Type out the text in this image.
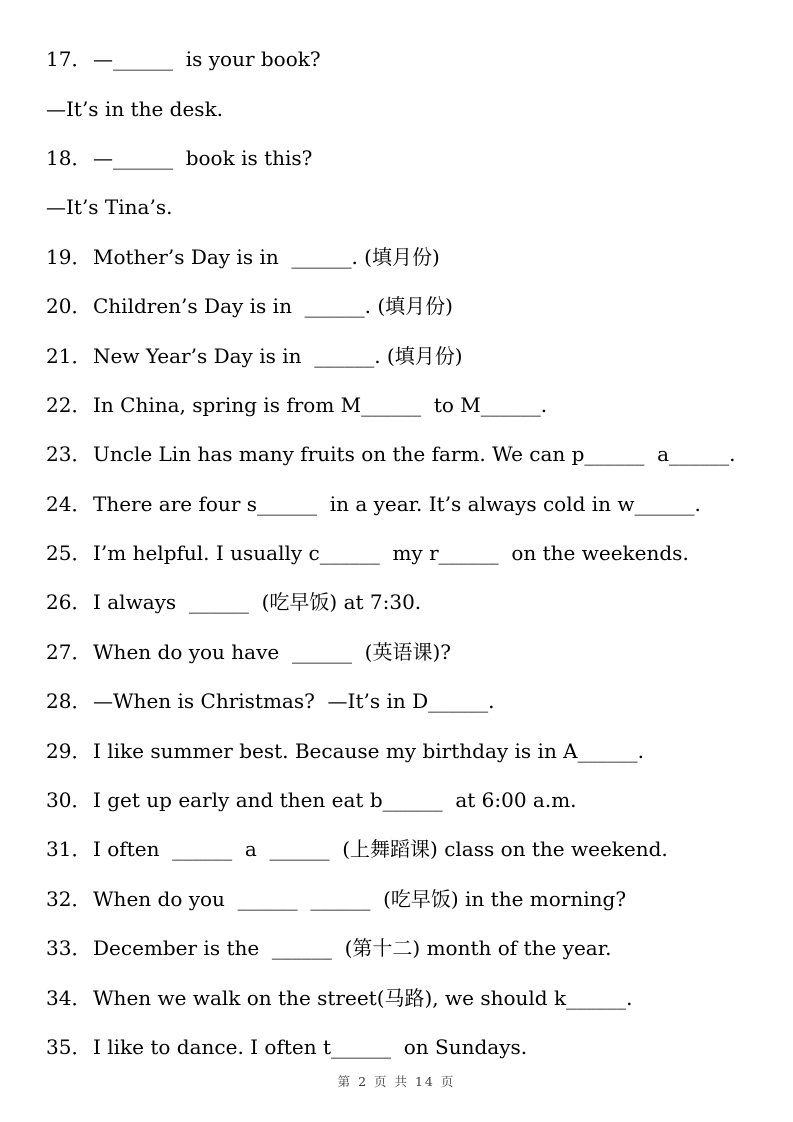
17． —______  is your book?
—It’s in the desk.
18． —______  book is this?
—It’s Tina’s.
19． Mother’s Day is in  ______. (填月份)
20． Children’s Day is in  ______. (填月份)
21． New Year’s Day is in  ______. (填月份)
22． In China, spring is from M______  to M______.
23． Uncle Lin has many fruits on the farm. We can p______  a______.
24． There are four s______  in a year. It’s always cold in w______.
25． I’m helpful. I usually c______  my r______  on the weekends.
26． I always  ______  (吃早饭) at 7:30.
27． When do you have  ______  (英语课)?
28． —When is Christmas?  —It’s in D______.
29． I like summer best. Because my birthday is in A______.
30． I get up early and then eat b______  at 6:00 a.m.
31． I often  ______  a  ______  (上舞蹈课) class on the weekend.
32． When do you  ______  ______  (吃早饭) in the morning?
33． December is the  ______  (第十二) month of the year.
34． When we walk on the street(马路), we should k______.
35． I like to dance. I often t______  on Sundays.
第 2 页 共 14 页
